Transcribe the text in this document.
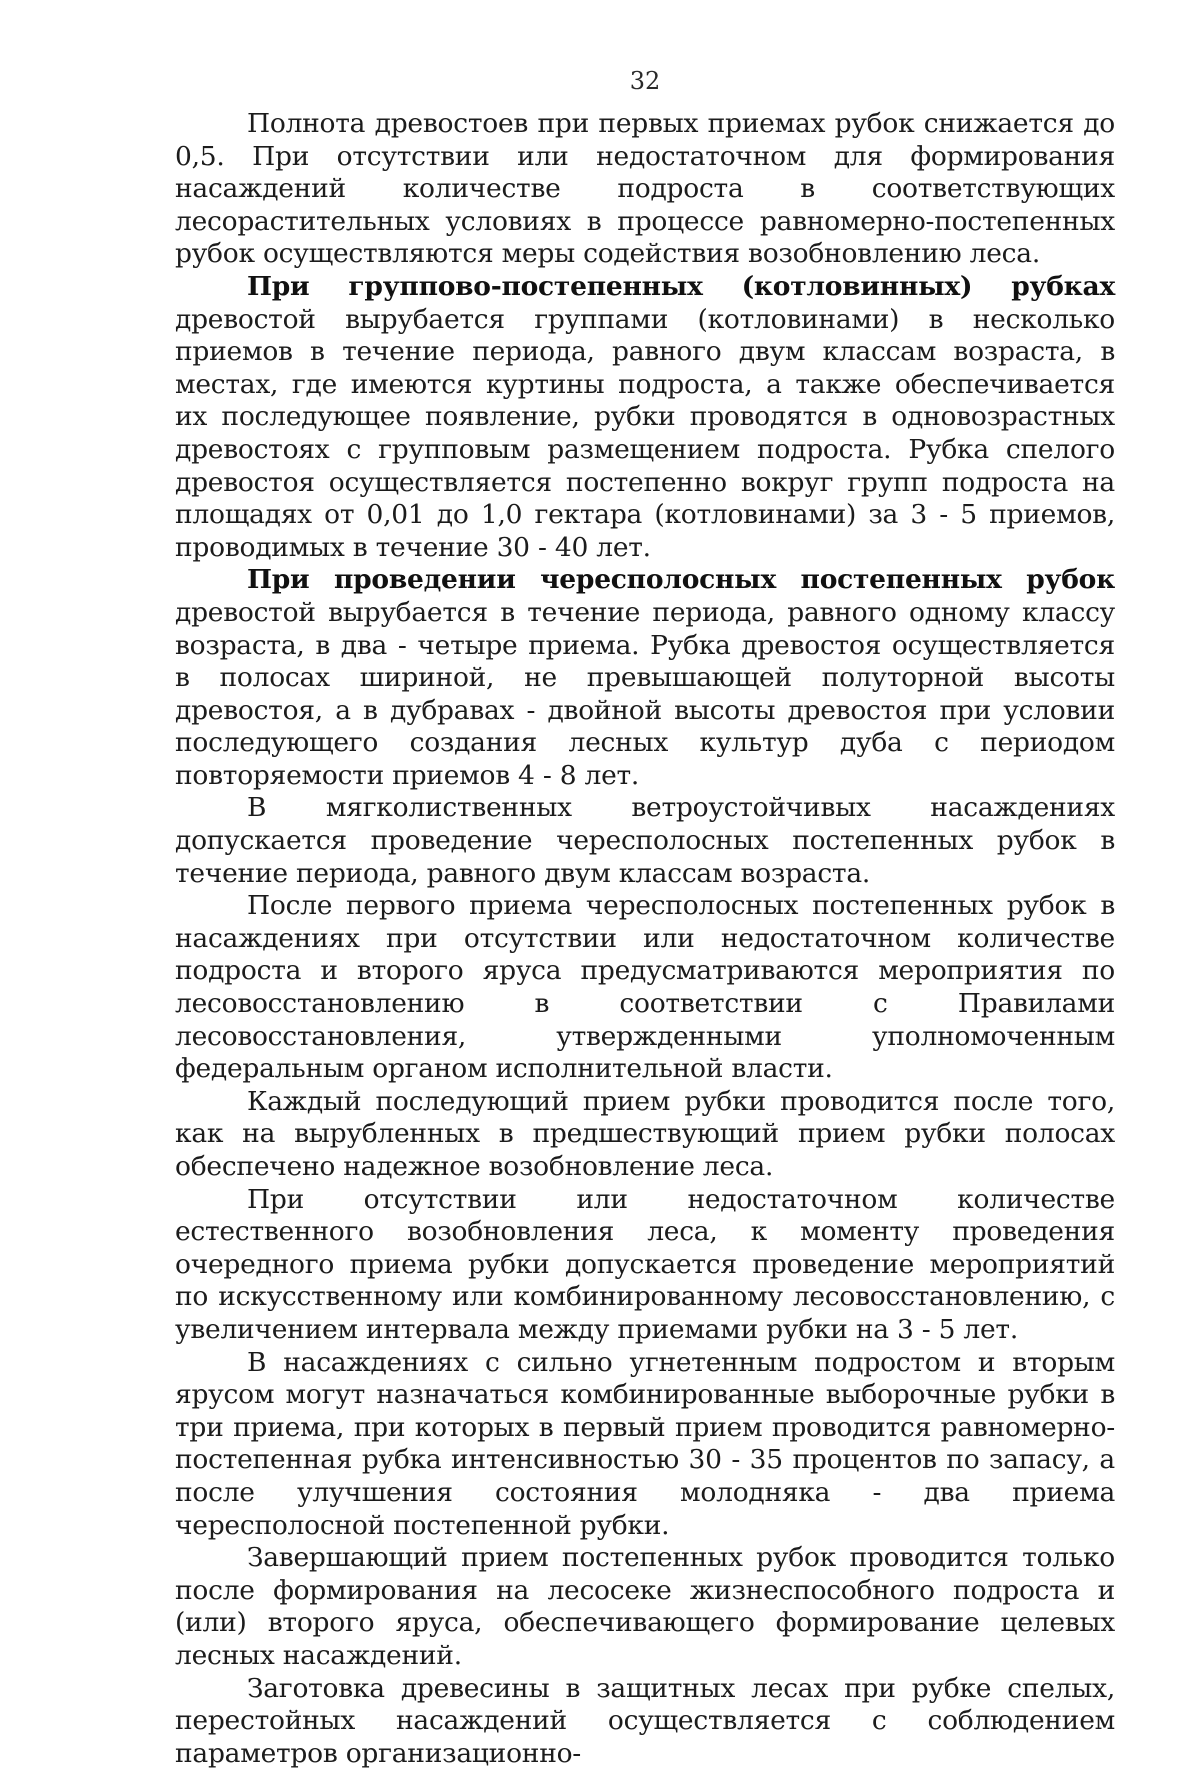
32

Полнота древостоев при первых приемах рубок снижается до 0,5. При отсутствии или недостаточном для формирования насаждений количестве подроста в соответствующих лесорастительных условиях в процессе равномерно-постепенных рубок осуществляются меры содействия возобновлению леса.

При групповo-постепенных (котловинных) рубках древостой вырубается группами (котловинами) в несколько приемов в течение периода, равного двум классам возраста, в местах, где имеются куртины подроста, а также обеспечивается их последующее появление, рубки проводятся в одновозрастных древостоях с групповым размещением подроста. Рубка спелого древостоя осуществляется постепенно вокруг групп подроста на площадях от 0,01 до 1,0 гектара (котловинами) за 3 - 5 приемов, проводимых в течение 30 - 40 лет.

При проведении чересполосных постепенных рубок древостой вырубается в течение периода, равного одному классу возраста, в два - четыре приема. Рубка древостоя осуществляется в полосах шириной, не превышающей полуторной высоты древостоя, а в дубравах - двойной высоты древостоя при условии последующего создания лесных культур дуба с периодом повторяемости приемов 4 - 8 лет.

В мягколиственных ветроустойчивых насаждениях допускается проведение чересполосных постепенных рубок в течение периода, равного двум классам возраста.

После первого приема чересполосных постепенных рубок в насаждениях при отсутствии или недостаточном количестве подроста и второго яруса предусматриваются мероприятия по лесовосстановлению в соответствии с Правилами лесовосстановления, утвержденными уполномоченным федеральным органом исполнительной власти.

Каждый последующий прием рубки проводится после того, как на вырубленных в предшествующий прием рубки полосах обеспечено надежное возобновление леса.

При отсутствии или недостаточном количестве естественного возобновления леса, к моменту проведения очередного приема рубки допускается проведение мероприятий по искусственному или комбинированному лесовосстановлению, с увеличением интервала между приемами рубки на 3 - 5 лет.

В насаждениях с сильно угнетенным подростом и вторым ярусом могут назначаться комбинированные выборочные рубки в три приема, при которых в первый прием проводится равномерно-постепенная рубка интенсивностью 30 - 35 процентов по запасу, а после улучшения состояния молодняка - два приема чересполосной постепенной рубки.

Завершающий прием постепенных рубок проводится только после формирования на лесосеке жизнеспособного подроста и (или) второго яруса, обеспечивающего формирование целевых лесных насаждений.

Заготовка древесины в защитных лесах при рубке спелых, перестойных насаждений осуществляется с соблюдением параметров организационно-
